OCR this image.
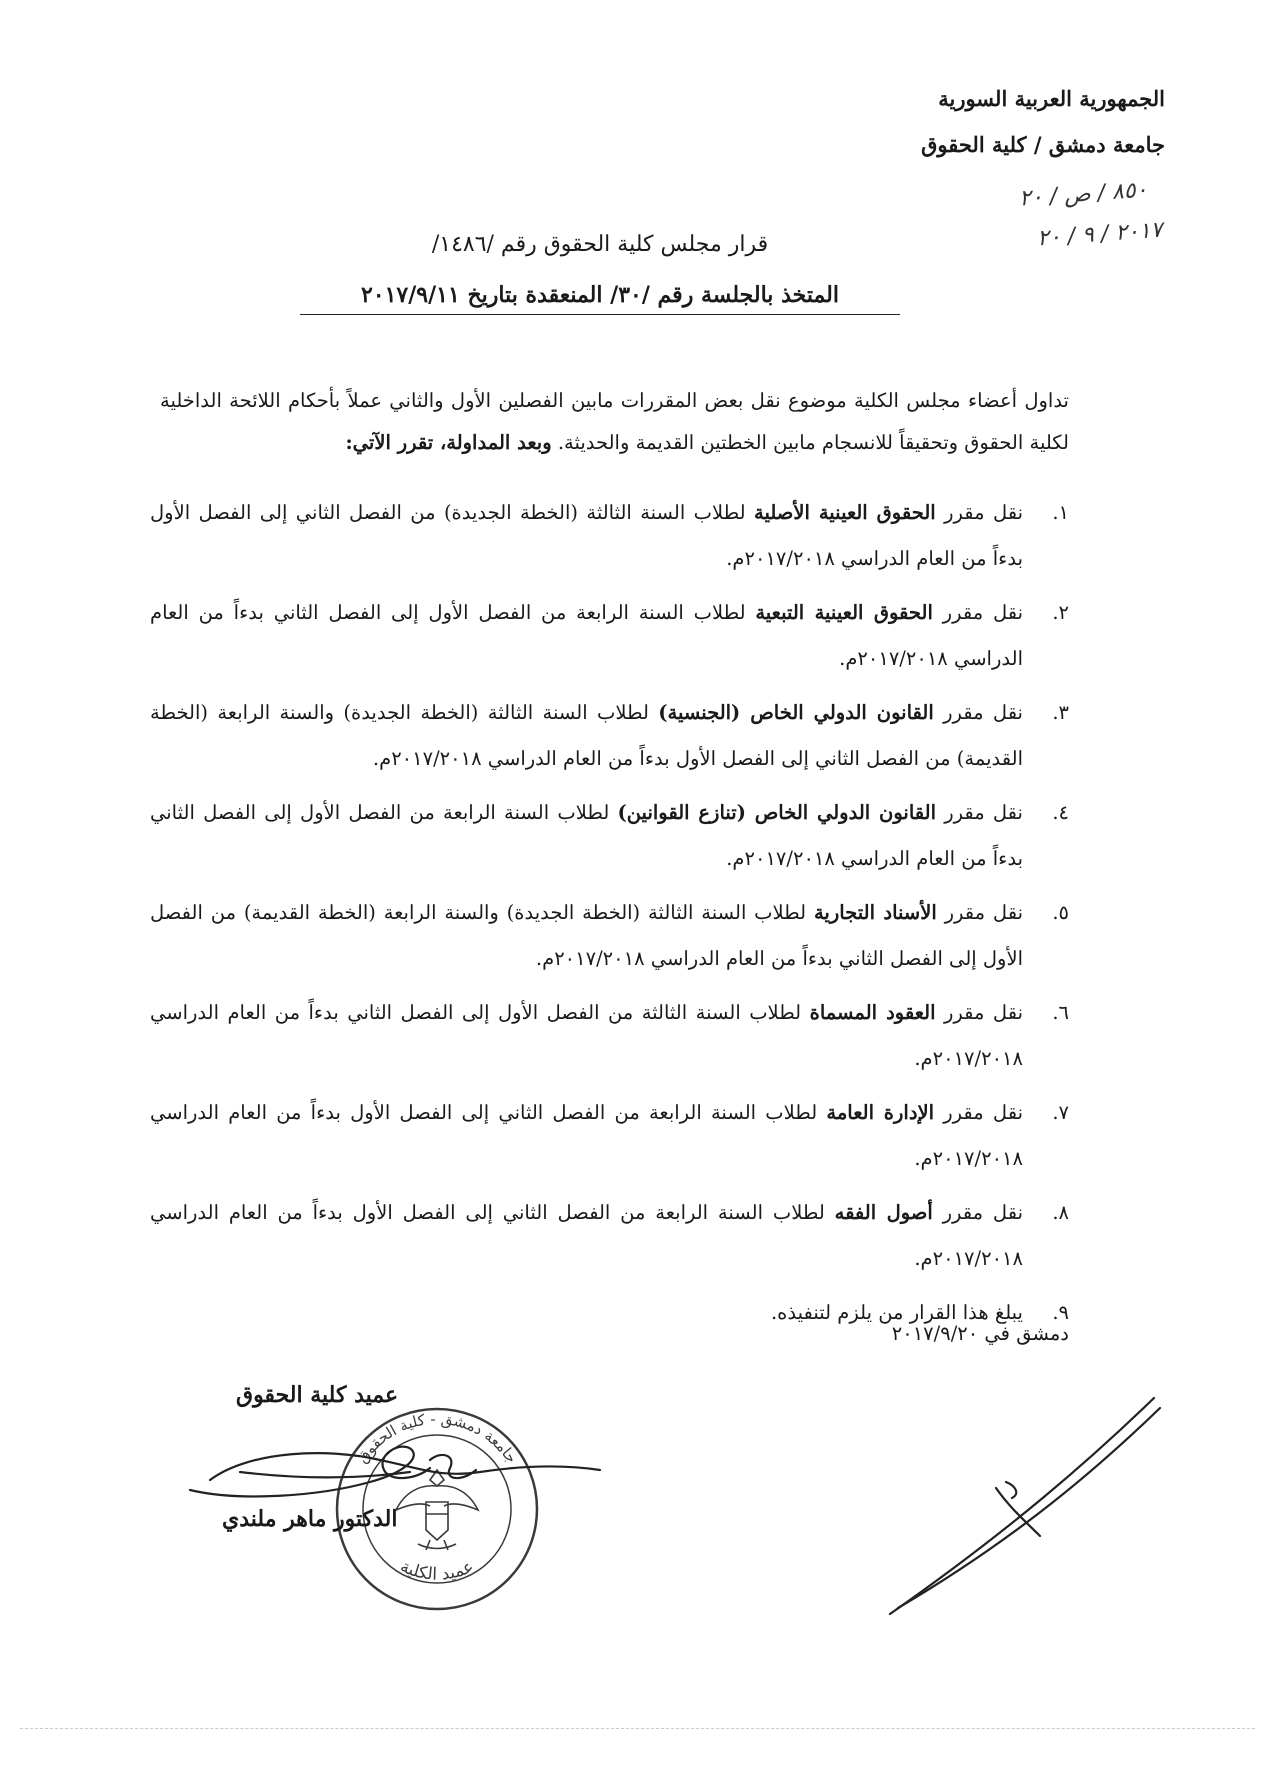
الجمهورية العربية السورية
جامعة دمشق / كلية الحقوق
٨٥٠ / ص / ٢٠
٢٠١٧ / ٩ / ٢٠
قرار مجلس كلية الحقوق رقم /١٤٨٦/
المتخذ بالجلسة رقم /٣٠/ المنعقدة بتاريخ ٢٠١٧/٩/١١
تداول أعضاء مجلس الكلية موضوع نقل بعض المقررات مابين الفصلين الأول والثاني عملاً بأحكام اللائحة الداخلية لكلية الحقوق وتحقيقاً للانسجام مابين الخطتين القديمة والحديثة. وبعد المداولة، تقرر الآتي:
١.
نقل مقرر الحقوق العينية الأصلية لطلاب السنة الثالثة (الخطة الجديدة) من الفصل الثاني إلى الفصل الأول بدءاً من العام الدراسي ٢٠١٧/٢٠١٨م.
٢.
نقل مقرر الحقوق العينية التبعية لطلاب السنة الرابعة من الفصل الأول إلى الفصل الثاني بدءاً من العام الدراسي ٢٠١٧/٢٠١٨م.
٣.
نقل مقرر القانون الدولي الخاص (الجنسية) لطلاب السنة الثالثة (الخطة الجديدة) والسنة الرابعة (الخطة القديمة) من الفصل الثاني إلى الفصل الأول بدءاً من العام الدراسي ٢٠١٧/٢٠١٨م.
٤.
نقل مقرر القانون الدولي الخاص (تنازع القوانين) لطلاب السنة الرابعة من الفصل الأول إلى الفصل الثاني بدءاً من العام الدراسي ٢٠١٧/٢٠١٨م.
٥.
نقل مقرر الأسناد التجارية لطلاب السنة الثالثة (الخطة الجديدة) والسنة الرابعة (الخطة القديمة) من الفصل الأول إلى الفصل الثاني بدءاً من العام الدراسي ٢٠١٧/٢٠١٨م.
٦.
نقل مقرر العقود المسماة لطلاب السنة الثالثة من الفصل الأول إلى الفصل الثاني بدءاً من العام الدراسي ٢٠١٧/٢٠١٨م.
٧.
نقل مقرر الإدارة العامة لطلاب السنة الرابعة من الفصل الثاني إلى الفصل الأول بدءاً من العام الدراسي ٢٠١٧/٢٠١٨م.
٨.
نقل مقرر أصول الفقه لطلاب السنة الرابعة من الفصل الثاني إلى الفصل الأول بدءاً من العام الدراسي ٢٠١٧/٢٠١٨م.
٩.
يبلغ هذا القرار من يلزم لتنفيذه.
دمشق في ٢٠١٧/٩/٢٠
جامعة دمشق - كلية الحقوق
عميد الكلية
عميد كلية الحقوق
الدكتور ماهر ملندي
